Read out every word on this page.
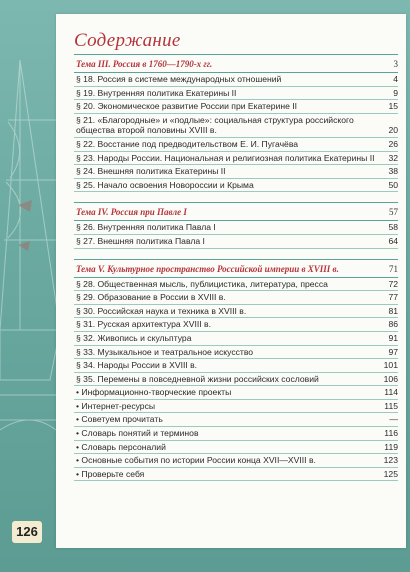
Содержание
Тема III. Россия в 1760—1790-х гг.	3
§ 18. Россия в системе международных отношений	4
§ 19. Внутренняя политика Екатерины II	9
§ 20. Экономическое развитие России при Екатерине II	15
§ 21. «Благородные» и «подлые»: социальная структура российского общества второй половины XVIII в.	20
§ 22. Восстание под предводительством Е. И. Пугачёва	26
§ 23. Народы России. Национальная и религиозная политика Екатерины II 32
§ 24. Внешняя политика Екатерины II	38
§ 25. Начало освоения Новороссии и Крыма	50
Тема IV. Россия при Павле I	57
§ 26. Внутренняя политика Павла I	58
§ 27. Внешняя политика Павла I	64
Тема V. Культурное пространство Российской империи в XVIII в.	71
§ 28. Общественная мысль, публицистика, литература, пресса	72
§ 29. Образование в России в XVIII в.	77
§ 30. Российская наука и техника в XVIII в.	81
§ 31. Русская архитектура XVIII в.	86
§ 32. Живопись и скульптура	91
§ 33. Музыкальное и театральное искусство	97
§ 34. Народы России в XVIII в.	101
§ 35. Перемены в повседневной жизни российских сословий	106
• Информационно-творческие проекты	114
• Интернет-ресурсы	115
• Советуем прочитать	—
• Словарь понятий и терминов	116
• Словарь персоналий	119
• Основные события по истории России конца XVII—XVIII в.	123
• Проверьте себя	125
126
